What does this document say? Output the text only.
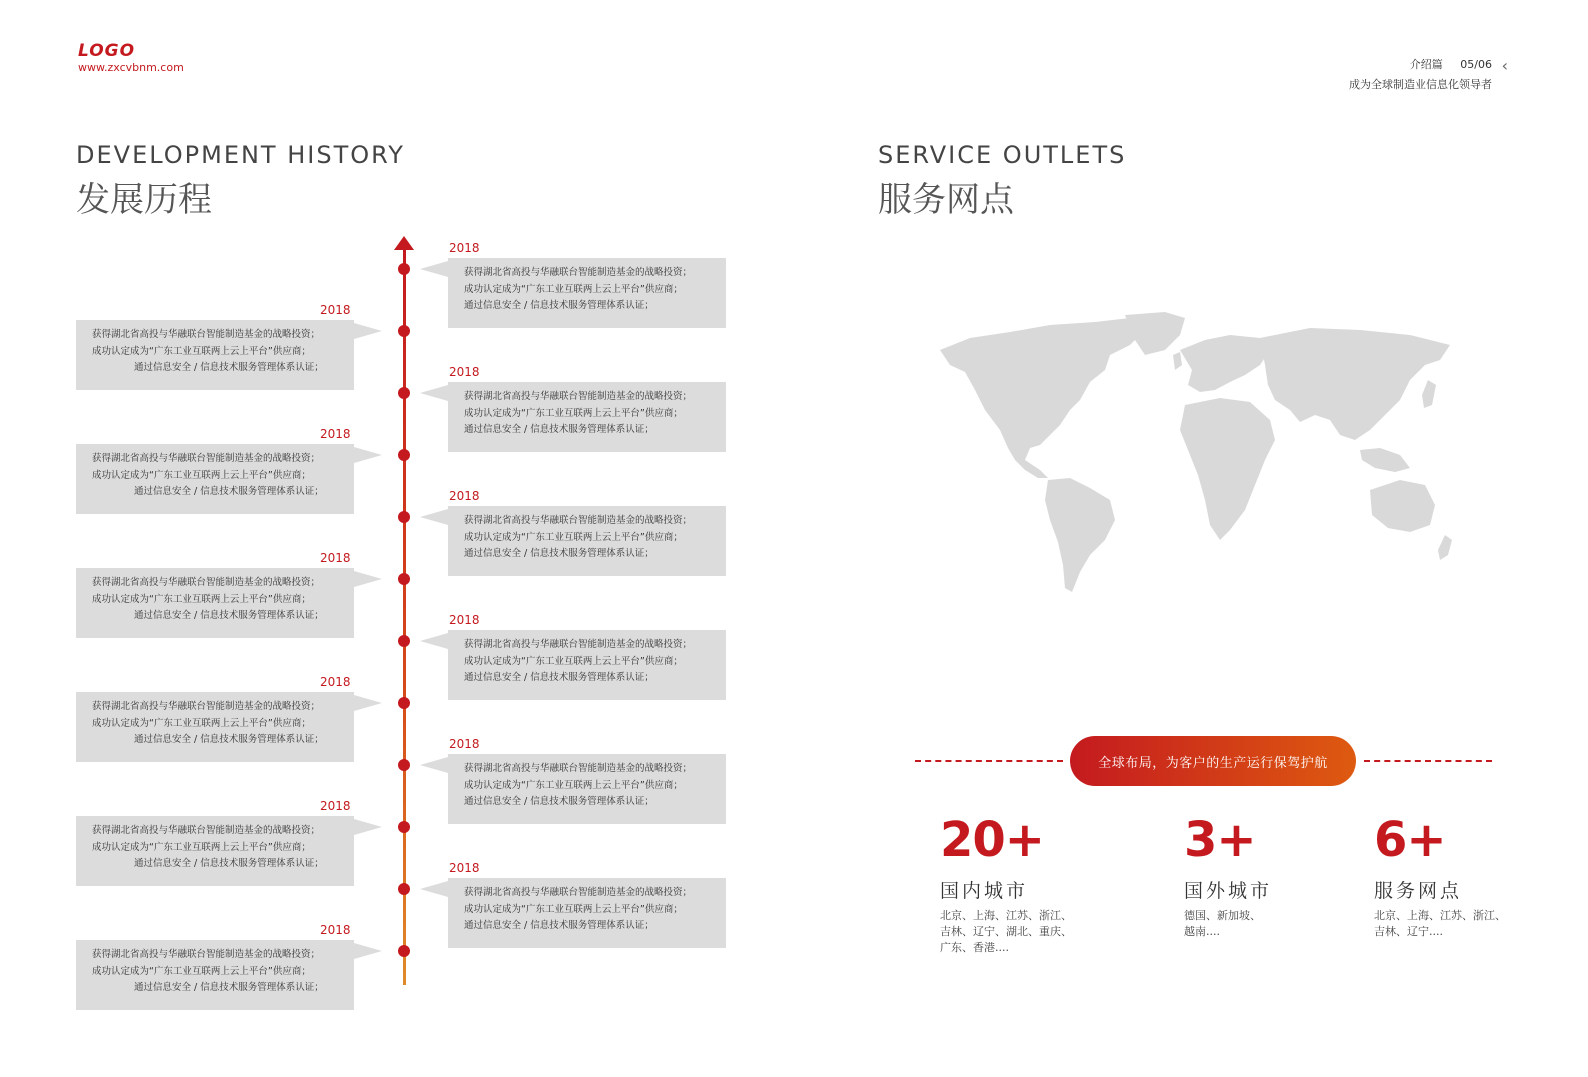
LOGO
www.zxcvbnm.com	介绍篇 05/06
成为全球制造业信息化领导者
‹
DEVELOPMENT HISTORY
发展历程
SERVICE OUTLETS
服务网点
2018
获得湖北省高投与华融联台智能制造基金的战略投资；
成功认定成为“广东工业互联两上云上平台”供应商；
通过信息安全 / 信息技术服务管理体系认证；
2018
获得湖北省高投与华融联台智能制造基金的战略投资；
成功认定成为“广东工业互联两上云上平台”供应商；
通过信息安全 / 信息技术服务管理体系认证；	2018
获得湖北省高投与华融联台智能制造基金的战略投资；
成功认定成为“广东工业互联两上云上平台”供应商；
通过信息安全 / 信息技术服务管理体系认证；
2018
获得湖北省高投与华融联台智能制造基金的战略投资；
成功认定成为“广东工业互联两上云上平台”供应商；
通过信息安全 / 信息技术服务管理体系认证；	2018
获得湖北省高投与华融联台智能制造基金的战略投资；
成功认定成为“广东工业互联两上云上平台”供应商；
通过信息安全 / 信息技术服务管理体系认证；
2018
获得湖北省高投与华融联台智能制造基金的战略投资；
成功认定成为“广东工业互联两上云上平台”供应商；
通过信息安全 / 信息技术服务管理体系认证；	2018
获得湖北省高投与华融联台智能制造基金的战略投资；
成功认定成为“广东工业互联两上云上平台”供应商；
通过信息安全 / 信息技术服务管理体系认证；
2018
获得湖北省高投与华融联台智能制造基金的战略投资；
成功认定成为“广东工业互联两上云上平台”供应商；
通过信息安全 / 信息技术服务管理体系认证；	2018
获得湖北省高投与华融联台智能制造基金的战略投资；
成功认定成为“广东工业互联两上云上平台”供应商；
通过信息安全 / 信息技术服务管理体系认证；
2018
获得湖北省高投与华融联台智能制造基金的战略投资；
成功认定成为“广东工业互联两上云上平台”供应商；
通过信息安全 / 信息技术服务管理体系认证；	2018
获得湖北省高投与华融联台智能制造基金的战略投资；
成功认定成为“广东工业互联两上云上平台”供应商；
通过信息安全 / 信息技术服务管理体系认证；
2018
获得湖北省高投与华融联台智能制造基金的战略投资；
成功认定成为“广东工业互联两上云上平台”供应商；
通过信息安全 / 信息技术服务管理体系认证；
全球布局，为客户的生产运行保驾护航
20+
国内城市
北京、上海、江苏、浙江、
吉林、辽宁、湖北、重庆、
广东、香港....
3+
国外城市
德国、新加坡、
越南....
6+
服务网点
北京、上海、江苏、浙江、
吉林、辽宁....
